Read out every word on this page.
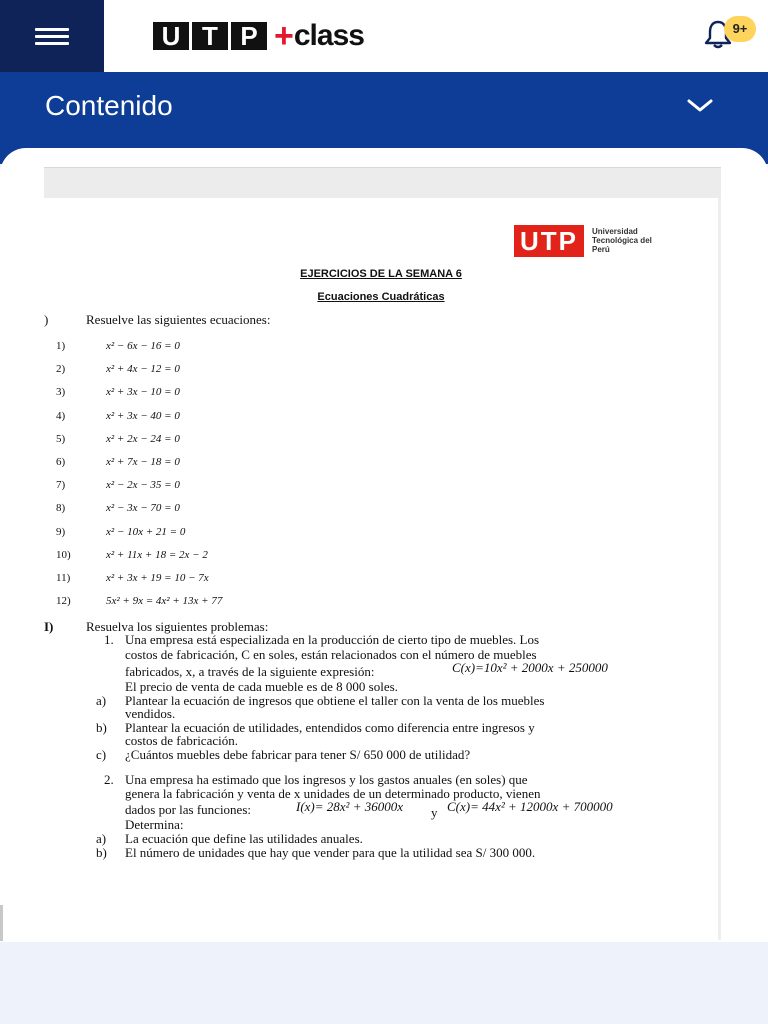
U T P + class	9+
Contenido
UTP Universidad Tecnológica del Perú
EJERCICIOS DE LA SEMANA 6
Ecuaciones Cuadráticas
)	Resuelve las siguientes ecuaciones:
1)	x² − 6x − 16 = 0
2)	x² + 4x − 12 = 0
3)	x² + 3x − 10 = 0
4)	x² + 3x − 40 = 0
5)	x² + 2x − 24 = 0
6)	x² + 7x − 18 = 0
7)	x² − 2x − 35 = 0
8)	x² − 3x − 70 = 0
9)	x² − 10x + 21 = 0
10)	x² + 11x + 18 = 2x − 2
11)	x² + 3x + 19 = 10 − 7x
12)	5x² + 9x = 4x² + 13x + 77
I)	Resuelva los siguientes problemas:
1. Una empresa está especializada en la producción de cierto tipo de muebles. Los
costos de fabricación, C en soles, están relacionados con el número de muebles
fabricados, x, a través de la siguiente expresión:	C(x)=10x² + 2000x + 250000
El precio de venta de cada mueble es de 8 000 soles.
a) Plantear la ecuación de ingresos que obtiene el taller con la venta de los muebles
vendidos.
b) Plantear la ecuación de utilidades, entendidos como diferencia entre ingresos y
costos de fabricación.
c) ¿Cuántos muebles debe fabricar para tener S/ 650 000 de utilidad?
2. Una empresa ha estimado que los ingresos y los gastos anuales (en soles) que
genera la fabricación y venta de x unidades de un determinado producto, vienen
dados por las funciones:	I(x)= 28x² + 36000x y C(x)= 44x² + 12000x + 700000
Determina:
a) La ecuación que define las utilidades anuales.
b) El número de unidades que hay que vender para que la utilidad sea S/ 300 000.
